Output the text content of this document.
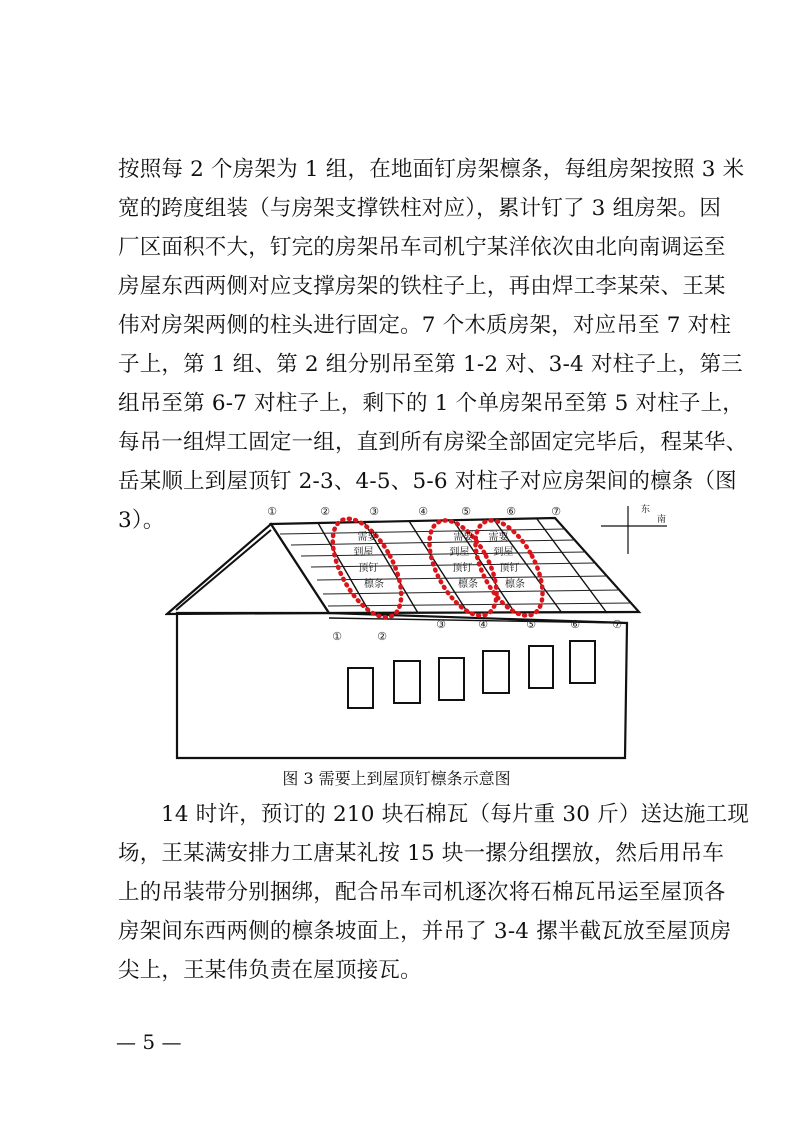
按照每 2 个房架为 1 组，在地面钉房架檩条，每组房架按照 3 米
宽的跨度组装（与房架支撑铁柱对应），累计钉了 3 组房架。因
厂区面积不大，钉完的房架吊车司机宁某洋依次由北向南调运至
房屋东西两侧对应支撑房架的铁柱子上，再由焊工李某荣、王某
伟对房架两侧的柱头进行固定。7 个木质房架，对应吊至 7 对柱
子上，第 1 组、第 2 组分别吊至第 1-2 对、3-4 对柱子上，第三
组吊至第 6-7 对柱子上，剩下的 1 个单房架吊至第 5 对柱子上，
每吊一组焊工固定一组，直到所有房梁全部固定完毕后，程某华、
岳某顺上到屋顶钉 2-3、4-5、5-6 对柱子对应房架间的檩条（图
3）。
需要 到屋 顶钉 檩条
需要 到屋 顶钉 檩条
需要 到屋 顶钉 檩条
①	②	③	④	⑤	⑥	⑦
①	②
③	④	⑤	⑥	⑦
东
南
图 3 需要上到屋顶钉檩条示意图
14 时许，预订的 210 块石棉瓦（每片重 30 斤）送达施工现
场，王某满安排力工唐某礼按 15 块一摞分组摆放，然后用吊车
上的吊装带分别捆绑，配合吊车司机逐次将石棉瓦吊运至屋顶各
房架间东西两侧的檩条坡面上，并吊了 3-4 摞半截瓦放至屋顶房
尖上，王某伟负责在屋顶接瓦。
— 5 —
